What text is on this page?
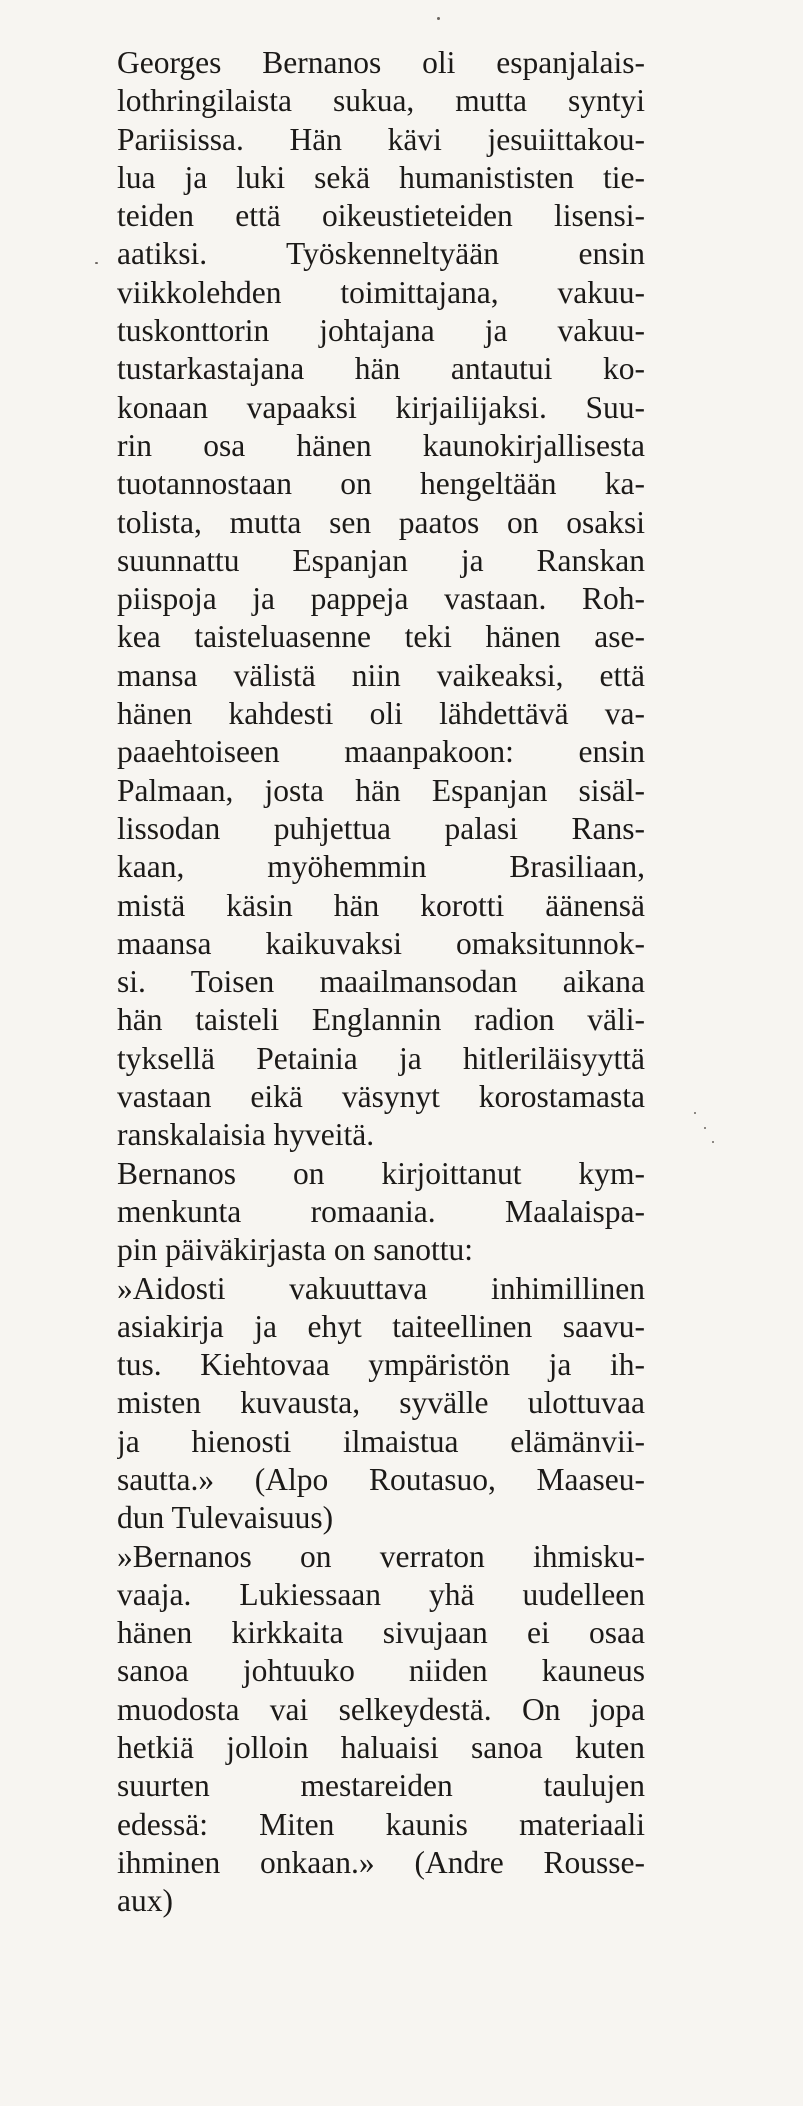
Georges Bernanos oli espanjalais-
lothringilaista sukua, mutta syntyi
Pariisissa. Hän kävi jesuiittakou-
lua ja luki sekä humanististen tie-
teiden että oikeustieteiden lisensi-
aatiksi. Työskenneltyään ensin
viikkolehden toimittajana, vakuu-
tuskonttorin johtajana ja vakuu-
tustarkastajana hän antautui ko-
konaan vapaaksi kirjailijaksi. Suu-
rin osa hänen kaunokirjallisesta
tuotannostaan on hengeltään ka-
tolista, mutta sen paatos on osaksi
suunnattu Espanjan ja Ranskan
piispoja ja pappeja vastaan. Roh-
kea taisteluasenne teki hänen ase-
mansa välistä niin vaikeaksi, että
hänen kahdesti oli lähdettävä va-
paaehtoiseen maanpakoon: ensin
Palmaan, josta hän Espanjan sisäl-
lissodan puhjettua palasi Rans-
kaan, myöhemmin Brasiliaan,
mistä käsin hän korotti äänensä
maansa kaikuvaksi omaksitunnok-
si. Toisen maailmansodan aikana
hän taisteli Englannin radion väli-
tyksellä Petainia ja hitleriläisyyttä
vastaan eikä väsynyt korostamasta
ranskalaisia hyveitä.
Bernanos on kirjoittanut kym-
menkunta romaania. Maalaispa-
pin päiväkirjasta on sanottu:
»Aidosti vakuuttava inhimillinen
asiakirja ja ehyt taiteellinen saavu-
tus. Kiehtovaa ympäristön ja ih-
misten kuvausta, syvälle ulottuvaa
ja hienosti ilmaistua elämänvii-
sautta.» (Alpo Routasuo, Maaseu-
dun Tulevaisuus)
»Bernanos on verraton ihmisku-
vaaja. Lukiessaan yhä uudelleen
hänen kirkkaita sivujaan ei osaa
sanoa johtuuko niiden kauneus
muodosta vai selkeydestä. On jopa
hetkiä jolloin haluaisi sanoa kuten
suurten mestareiden taulujen
edessä: Miten kaunis materiaali
ihminen onkaan.» (Andre Rousse-
aux)
